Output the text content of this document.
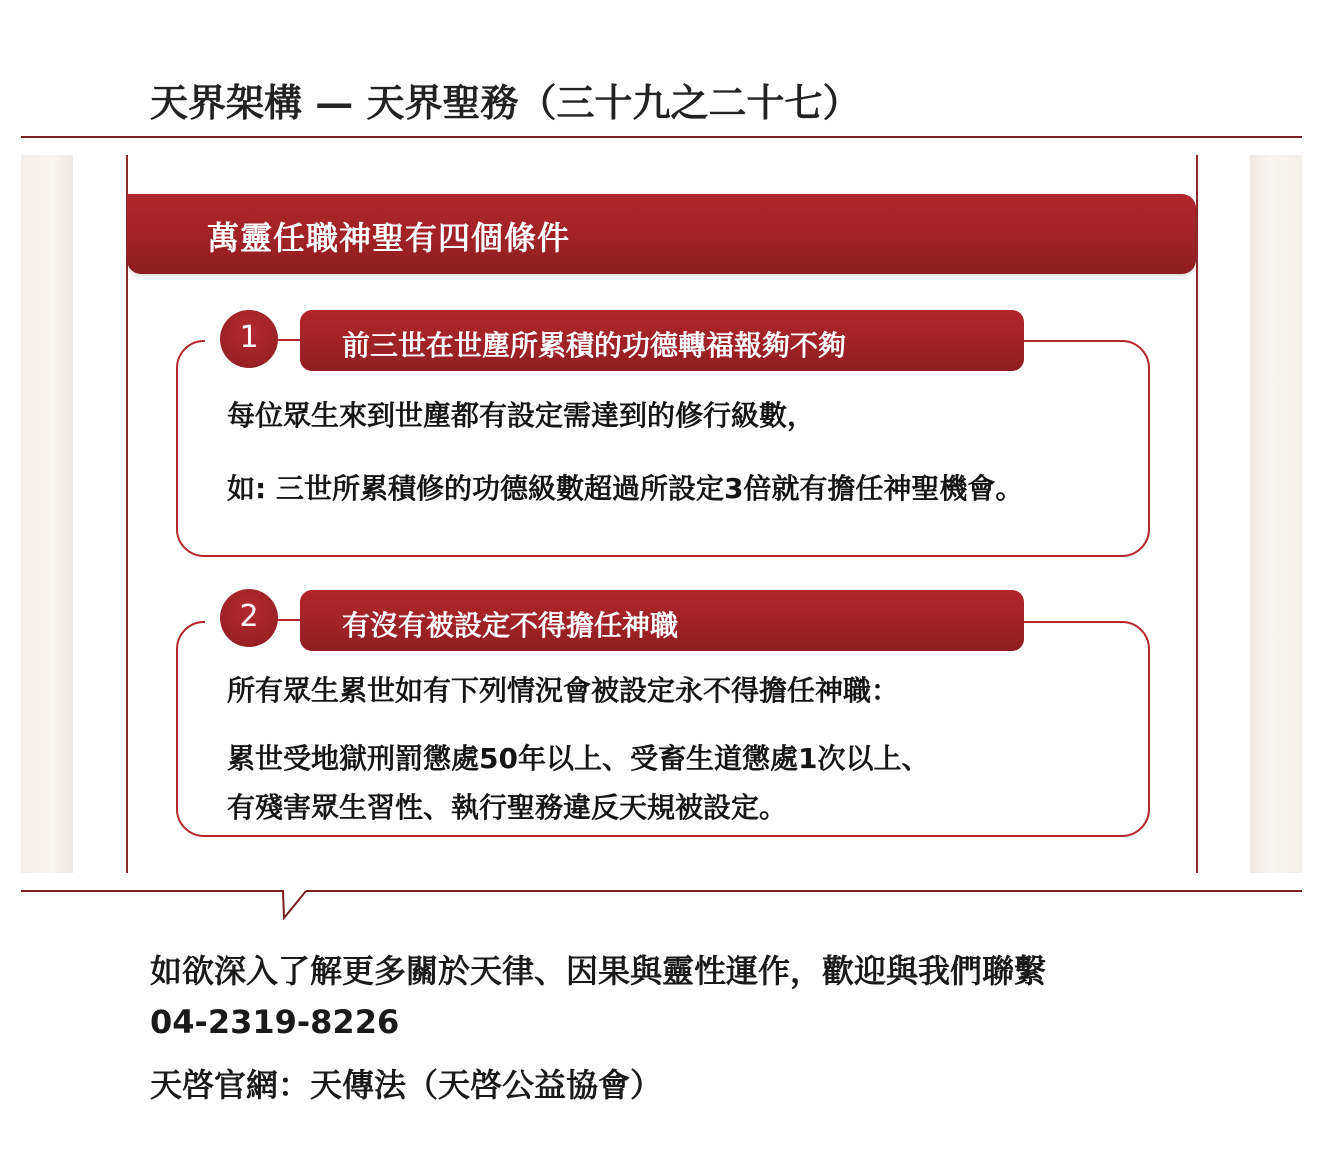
天界架構 — 天界聖務（三十九之二十七）
萬靈任職神聖有四個條件
1	前三世在世塵所累積的功德轉福報夠不夠
每位眾生來到世塵都有設定需達到的修行級數，
如: 三世所累積修的功德級數超過所設定3倍就有擔任神聖機會。
2	有沒有被設定不得擔任神職
所有眾生累世如有下列情況會被設定永不得擔任神職：
累世受地獄刑罰懲處50年以上、受畜生道懲處1次以上、
有殘害眾生習性、執行聖務違反天規被設定。
如欲深入了解更多關於天律、因果與靈性運作，歡迎與我們聯繫
04-2319-8226
天啓官網：天傳法（天啓公益協會）
